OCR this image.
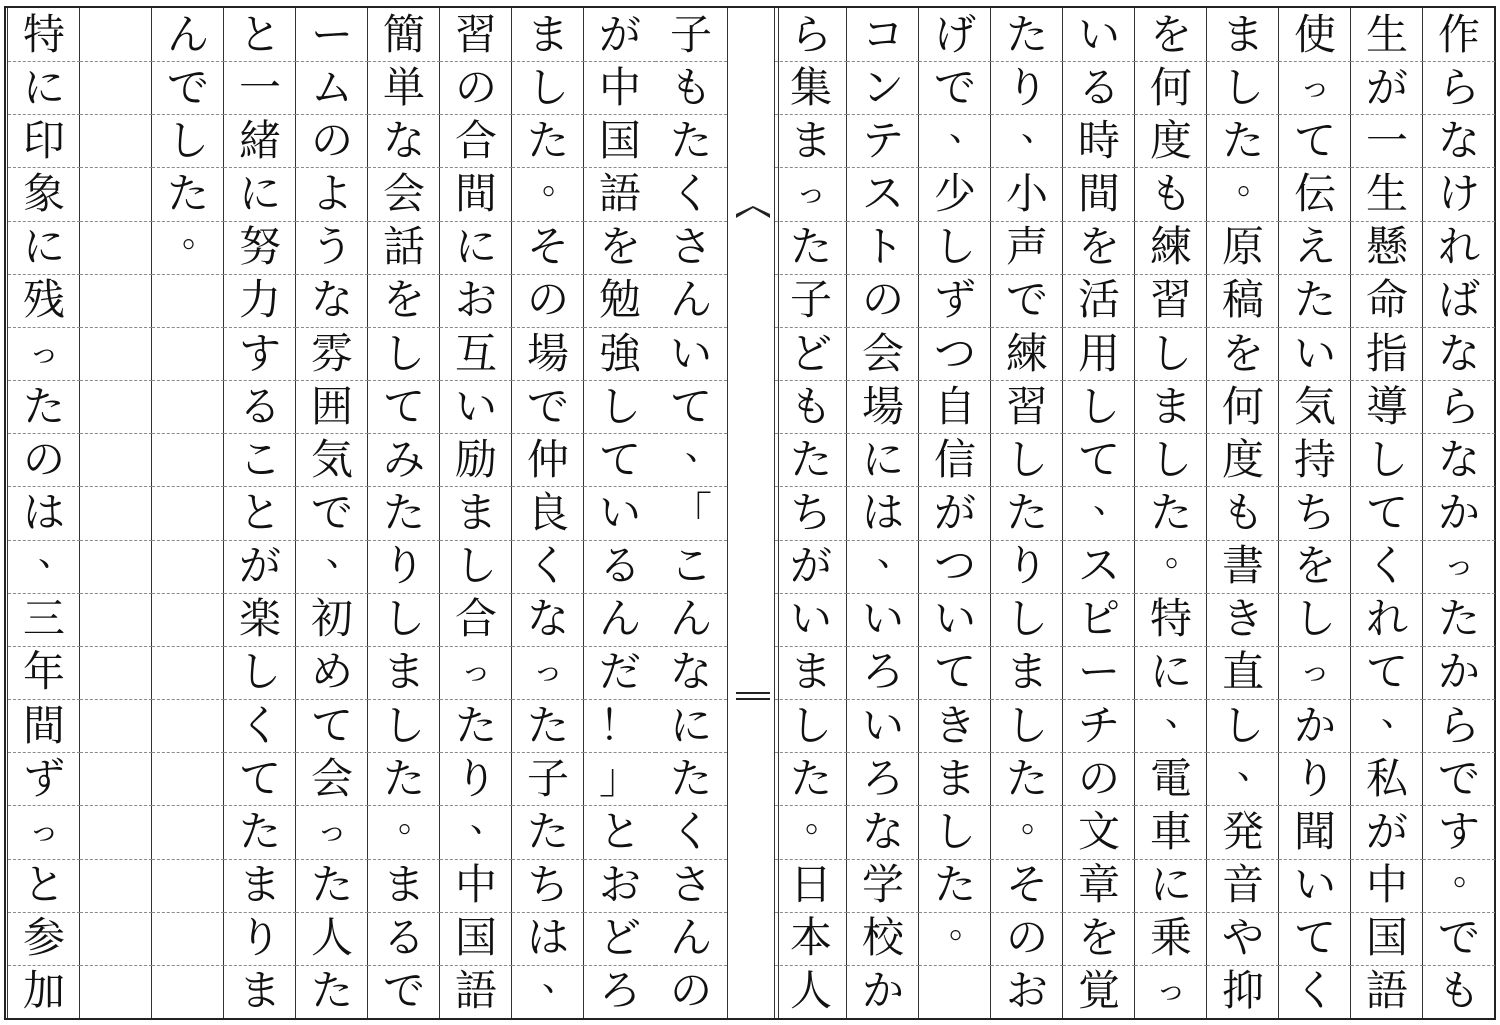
作
ら
な
け
れ
ば
な
ら
な
か
っ
た
か
ら
で
す
。
で
も
生
が
一
生
懸
命
指
導
し
て
く
れ
て
、
私
が
中
国
語
使
っ
て
伝
え
た
い
気
持
ち
を
し
っ
か
り
聞
い
て
く
ま
し
た
。
原
稿
を
何
度
も
書
き
直
し
、
発
音
や
抑
を
何
度
も
練
習
し
ま
し
た
。
特
に
、
電
車
に
乗
っ
い
る
時
間
を
活
用
し
て
、
ス
ピ
ー
チ
の
文
章
を
覚
た
り
、
小
声
で
練
習
し
た
り
し
ま
し
た
。
そ
の
お
げ
で
、
少
し
ず
つ
自
信
が
つ
い
て
き
ま
し
た
。
コ
ン
テ
ス
ト
の
会
場
に
は
、
い
ろ
い
ろ
な
学
校
か
ら
集
ま
っ
た
子
ど
も
た
ち
が
い
ま
し
た
。
日
本
人
子
も
た
く
さ
ん
い
て
、
「
こ
ん
な
に
た
く
さ
ん
の
が
中
国
語
を
勉
強
し
て
い
る
ん
だ
！
」
と
お
ど
ろ
ま
し
た
。
そ
の
場
で
仲
良
く
な
っ
た
子
た
ち
は
、
習
の
合
間
に
お
互
い
励
ま
し
合
っ
た
り
、
中
国
語
簡
単
な
会
話
を
し
て
み
た
り
し
ま
し
た
。
ま
る
で
ー
ム
の
よ
う
な
雰
囲
気
で
、
初
め
て
会
っ
た
人
た
と
一
緒
に
努
力
す
る
こ
と
が
楽
し
く
て
た
ま
り
ま
ん
で
し
た
。
特
に
印
象
に
残
っ
た
の
は
、
三
年
間
ず
っ
と
参
加
